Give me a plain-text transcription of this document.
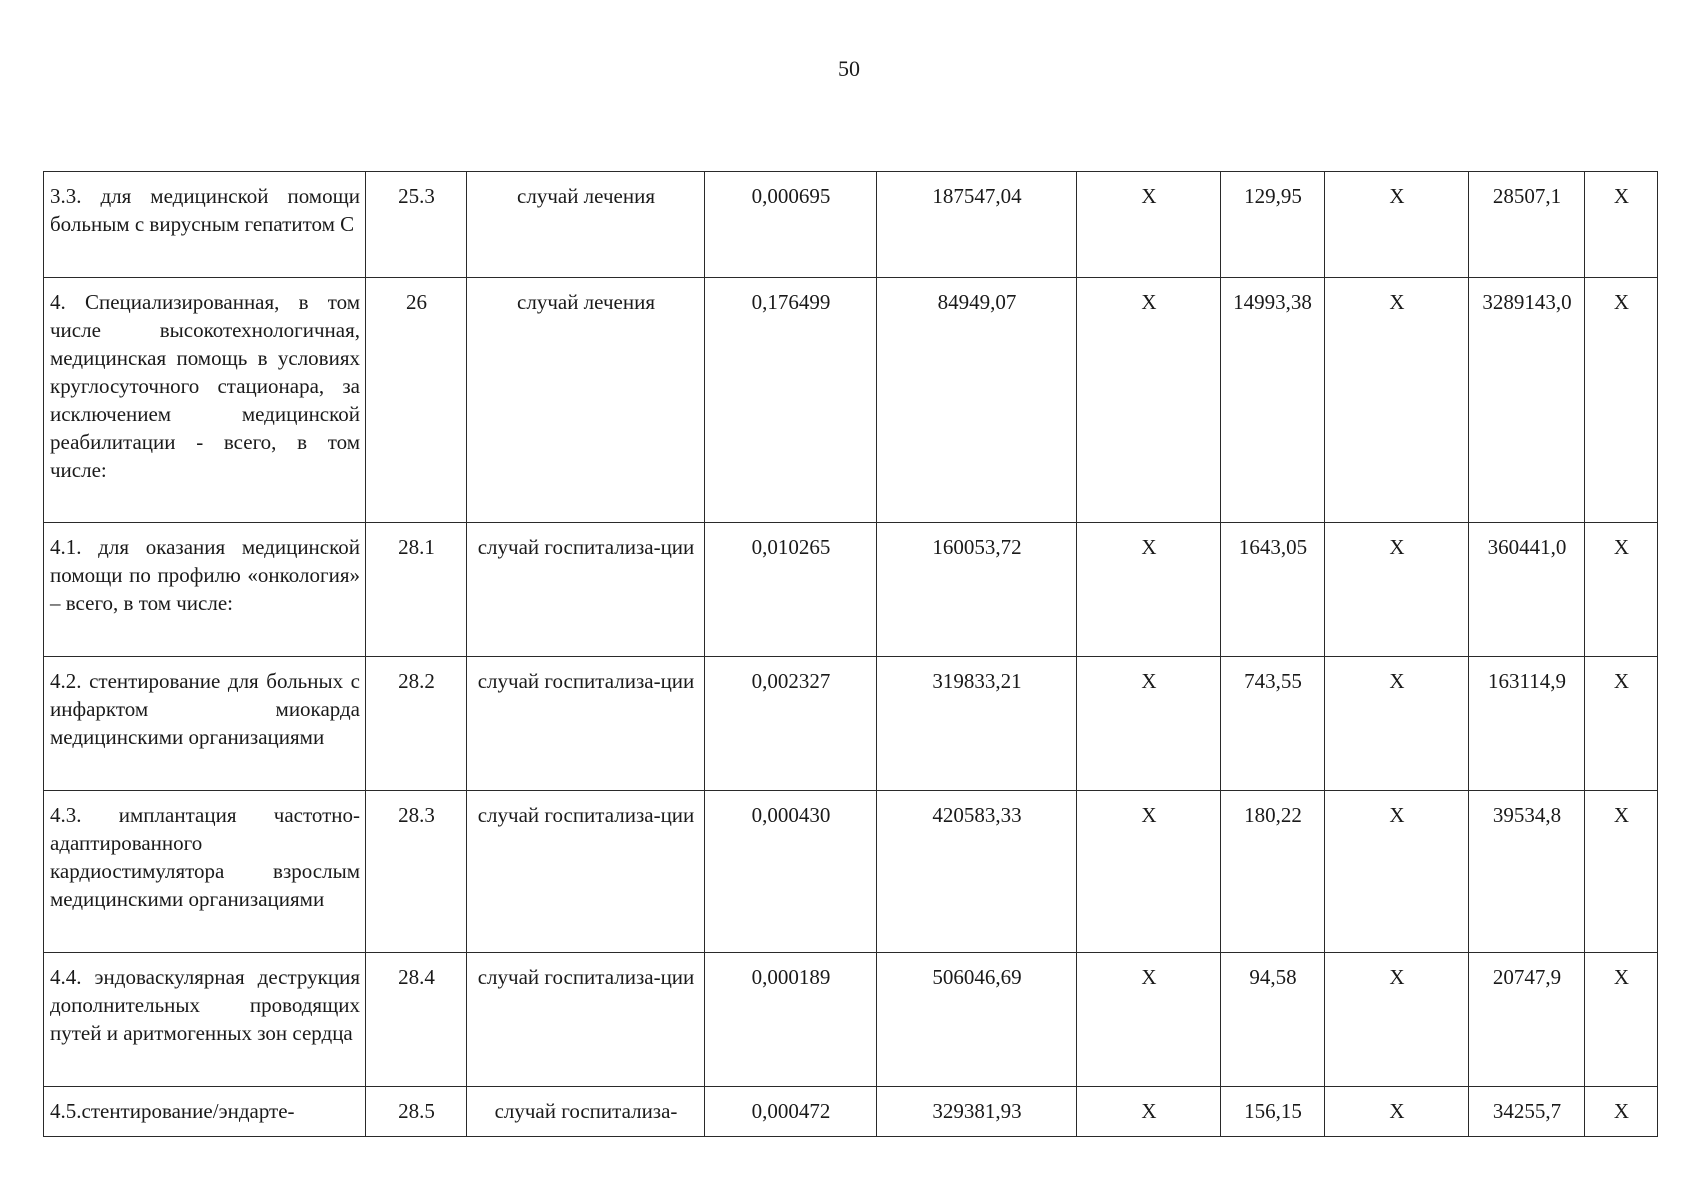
50
3.3. для медицинской помощи больным с вирусным гепатитом С	25.3	случай лечения	0,000695	187547,04	X	129,95	X	28507,1	X
4. Специализированная, в том числе высокотехнологичная, медицинская помощь в условиях круглосуточного стационара, за исключением медицинской реабилитации - всего, в том числе:	26	случай лечения	0,176499	84949,07	X	14993,38	X	3289143,0	X
4.1. для оказания медицинской помощи по профилю «онкология» – всего, в том числе:	28.1	случай госпитализа-ции	0,010265	160053,72	X	1643,05	X	360441,0	X
4.2. стентирование для больных с инфарктом миокарда медицинскими организациями	28.2	случай госпитализа-ции	0,002327	319833,21	X	743,55	X	163114,9	X
4.3. имплантация частотно-адаптированного кардиостимулятора взрослым медицинскими организациями	28.3	случай госпитализа-ции	0,000430	420583,33	X	180,22	X	39534,8	X
4.4. эндоваскулярная деструкция дополнительных проводящих путей и аритмогенных зон сердца	28.4	случай госпитализа-ции	0,000189	506046,69	X	94,58	X	20747,9	X
4.5.стентирование/эндарте-	28.5	случай госпитализа-	0,000472	329381,93	X	156,15	X	34255,7	X
